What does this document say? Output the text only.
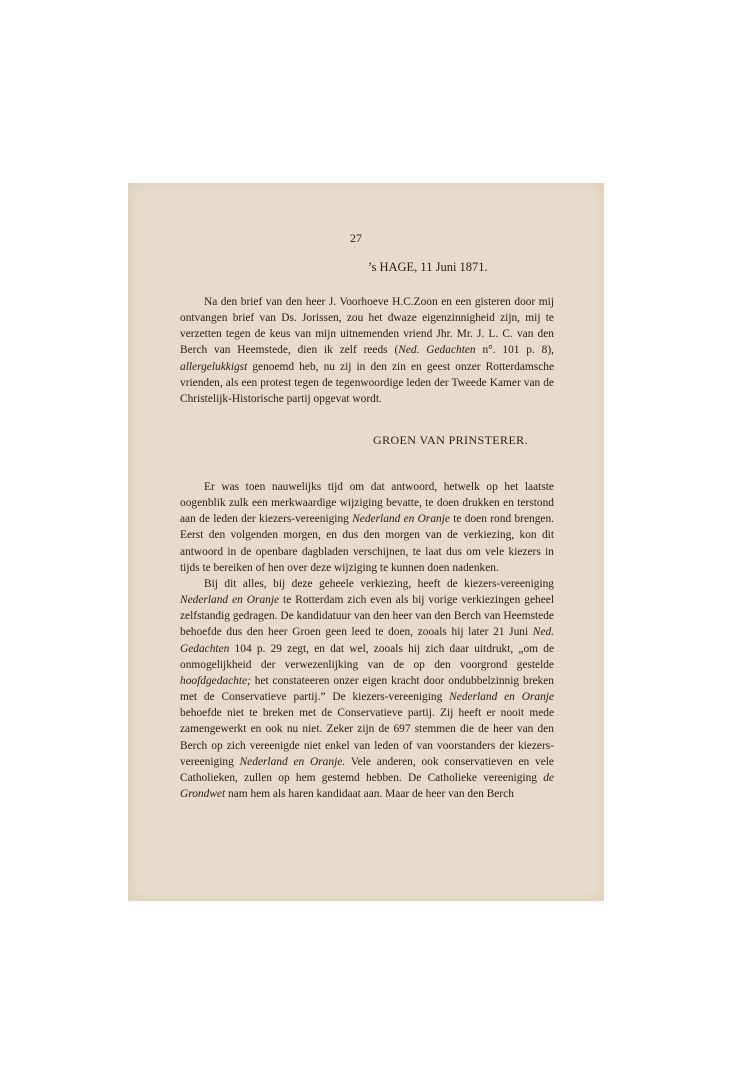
27
’s HAGE, 11 Juni 1871.

Na den brief van den heer J. Voorhoeve H.C.Zoon en een gisteren door mij ontvangen brief van Ds. Jorissen, zou het dwaze eigenzinnigheid zijn, mij te verzetten tegen de keus van mijn uitnemenden vriend Jhr. Mr. J. L. C. van den Berch van Heemstede, dien ik zelf reeds (Ned. Gedachten n°. 101 p. 8), allergelukkigst genoemd heb, nu zij in den zin en geest onzer Rotterdamsche vrienden, als een protest tegen de tegenwoordige leden der Tweede Kamer van de Christelijk-Historische partij opgevat wordt.

GROEN VAN PRINSTERER.

Er was toen nauwelijks tijd om dat antwoord, hetwelk op het laatste oogenblik zulk een merkwaardige wijziging bevatte, te doen drukken en terstond aan de leden der kiezers-vereeniging Nederland en Oranje te doen rond brengen. Eerst den volgenden morgen, en dus den morgen van de verkiezing, kon dit antwoord in de openbare dagbladen verschijnen, te laat dus om vele kiezers in tijds te bereiken of hen over deze wijziging te kunnen doen nadenken.

Bij dit alles, bij deze geheele verkiezing, heeft de kiezers-vereeniging Nederland en Oranje te Rotterdam zich even als bij vorige verkiezingen geheel zelfstandig gedragen. De kandidatuur van den heer van den Berch van Heemstede behoefde dus den heer Groen geen leed te doen, zooals hij later 21 Juni Ned. Gedachten 104 p. 29 zegt, en dat wel, zooals hij zich daar uitdrukt, „om de onmogelijkheid der verwezenlijking van de op den voorgrond gestelde hoofdgedachte; het constateeren onzer eigen kracht door ondubbelzinnig breken met de Conservatieve partij.” De kiezers-vereeniging Nederland en Oranje behoefde niet te breken met de Conservatieve partij. Zij heeft er nooit mede zamengewerkt en ook nu niet. Zeker zijn de 697 stemmen die de heer van den Berch op zich vereenigde niet enkel van leden of van voorstanders der kiezers-vereeniging Nederland en Oranje. Vele anderen, ook conservatieven en vele Catholieken, zullen op hem gestemd hebben. De Catholieke vereeniging de Grondwet nam hem als haren kandidaat aan. Maar de heer van den Berch
